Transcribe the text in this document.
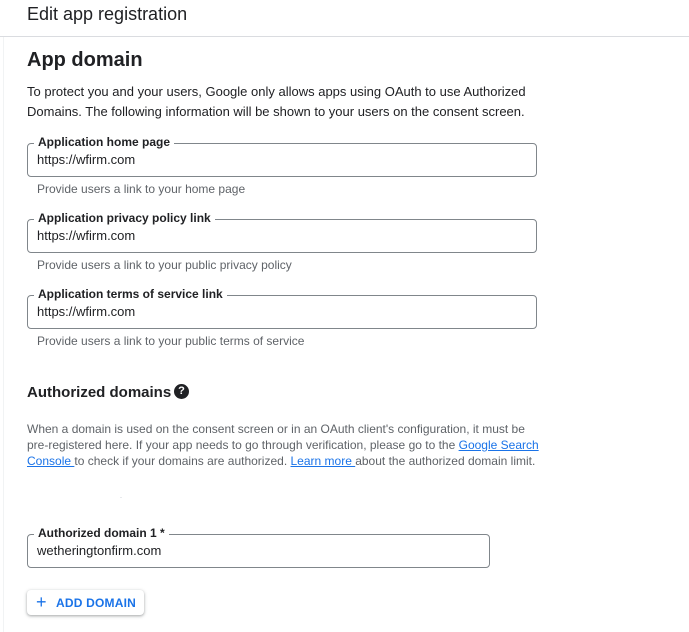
Edit app registration
App domain
To protect you and your users, Google only allows apps using OAuth to use Authorized Domains. The following information will be shown to your users on the consent screen.
Application home page
https://wfirm.com
Provide users a link to your home page
Application privacy policy link
https://wfirm.com
Provide users a link to your public privacy policy
Application terms of service link
https://wfirm.com
Provide users a link to your public terms of service
Authorized domains ?
When a domain is used on the consent screen or in an OAuth client's configuration, it must be pre-registered here. If your app needs to go through verification, please go to the Google Search Console to check if your domains are authorized. Learn more about the authorized domain limit.
Authorized domain 1 *
wetheringtonfirm.com
+ ADD DOMAIN
